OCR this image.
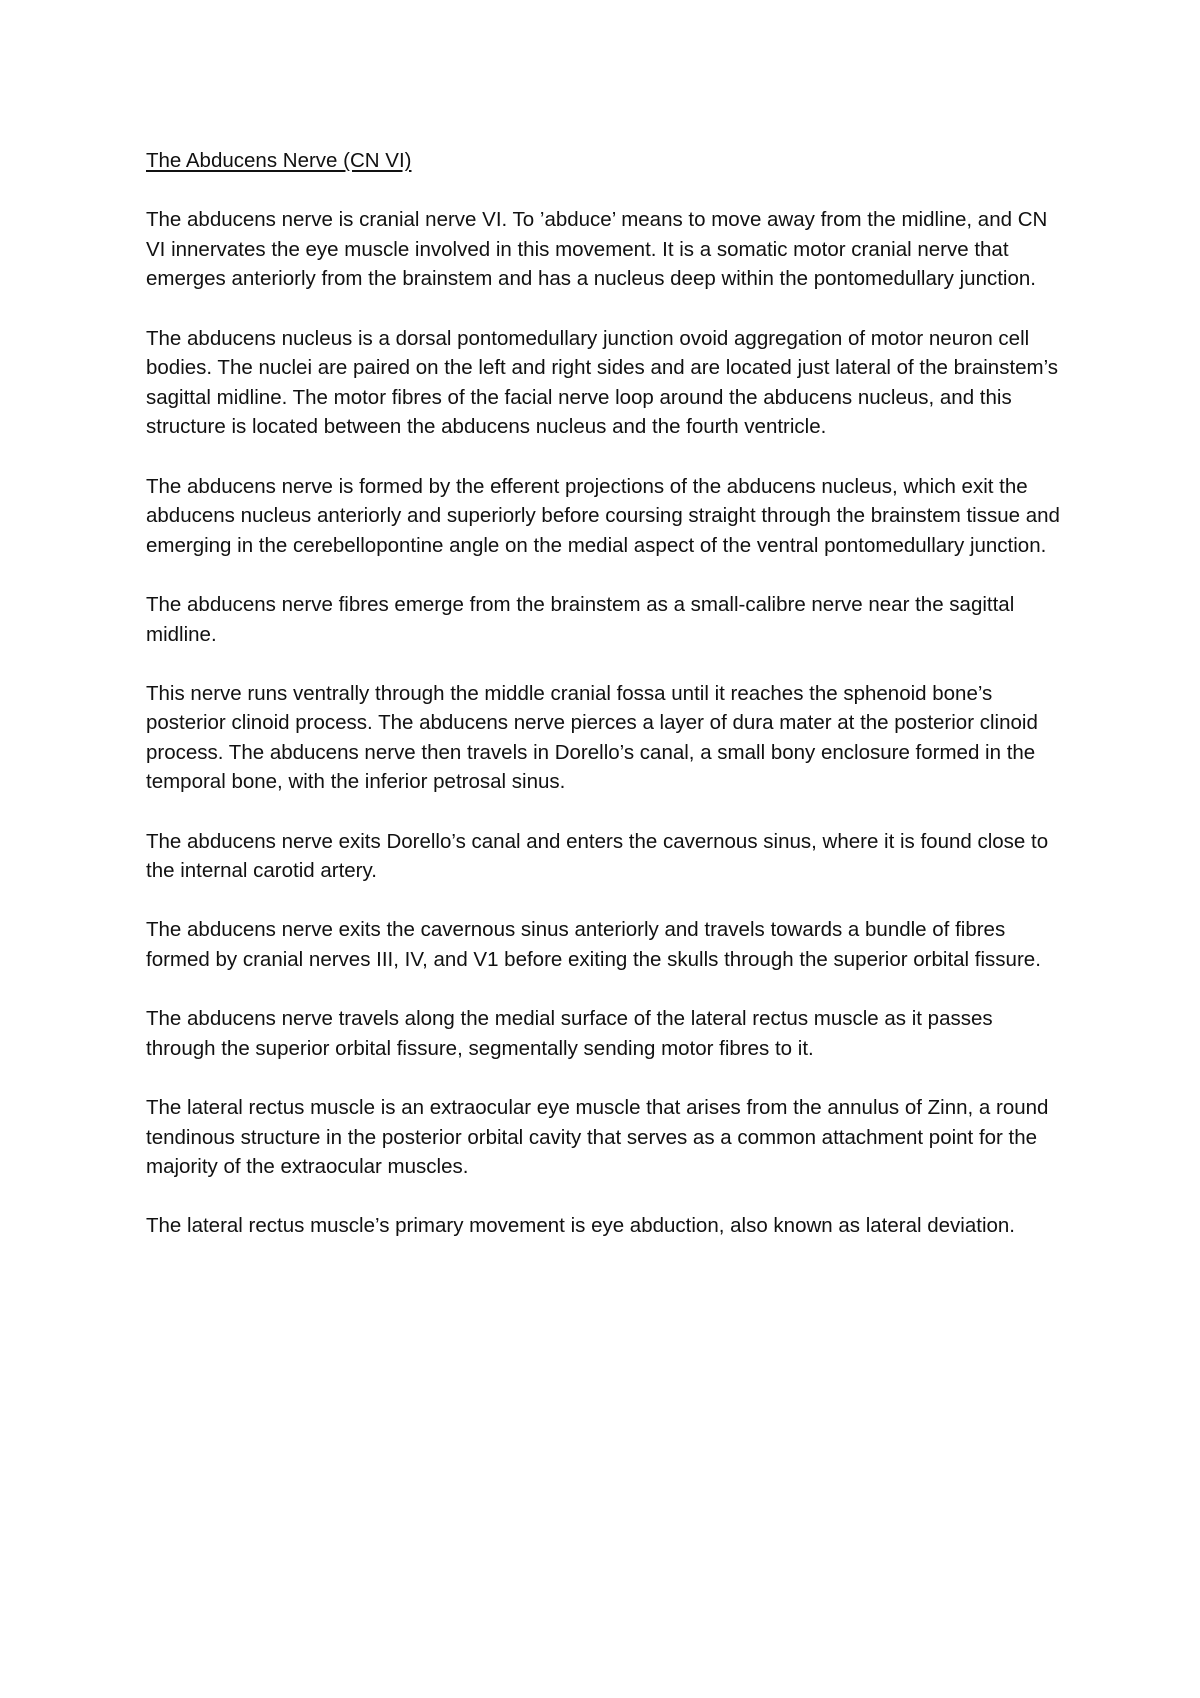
The Abducens Nerve (CN VI)

The abducens nerve is cranial nerve VI. To ’abduce’ means to move away from the midline, and CN VI innervates the eye muscle involved in this movement. It is a somatic motor cranial nerve that emerges anteriorly from the brainstem and has a nucleus deep within the pontomedullary junction.

The abducens nucleus is a dorsal pontomedullary junction ovoid aggregation of motor neuron cell bodies. The nuclei are paired on the left and right sides and are located just lateral of the brainstem’s sagittal midline. The motor fibres of the facial nerve loop around the abducens nucleus, and this structure is located between the abducens nucleus and the fourth ventricle.

The abducens nerve is formed by the efferent projections of the abducens nucleus, which exit the abducens nucleus anteriorly and superiorly before coursing straight through the brainstem tissue and emerging in the cerebellopontine angle on the medial aspect of the ventral pontomedullary junction.

The abducens nerve fibres emerge from the brainstem as a small-calibre nerve near the sagittal midline.

This nerve runs ventrally through the middle cranial fossa until it reaches the sphenoid bone’s posterior clinoid process. The abducens nerve pierces a layer of dura mater at the posterior clinoid process. The abducens nerve then travels in Dorello’s canal, a small bony enclosure formed in the temporal bone, with the inferior petrosal sinus.

The abducens nerve exits Dorello’s canal and enters the cavernous sinus, where it is found close to the internal carotid artery.

The abducens nerve exits the cavernous sinus anteriorly and travels towards a bundle of fibres formed by cranial nerves III, IV, and V1 before exiting the skulls through the superior orbital fissure.

The abducens nerve travels along the medial surface of the lateral rectus muscle as it passes through the superior orbital fissure, segmentally sending motor fibres to it.

The lateral rectus muscle is an extraocular eye muscle that arises from the annulus of Zinn, a round tendinous structure in the posterior orbital cavity that serves as a common attachment point for the majority of the extraocular muscles.

The lateral rectus muscle’s primary movement is eye abduction, also known as lateral deviation.
